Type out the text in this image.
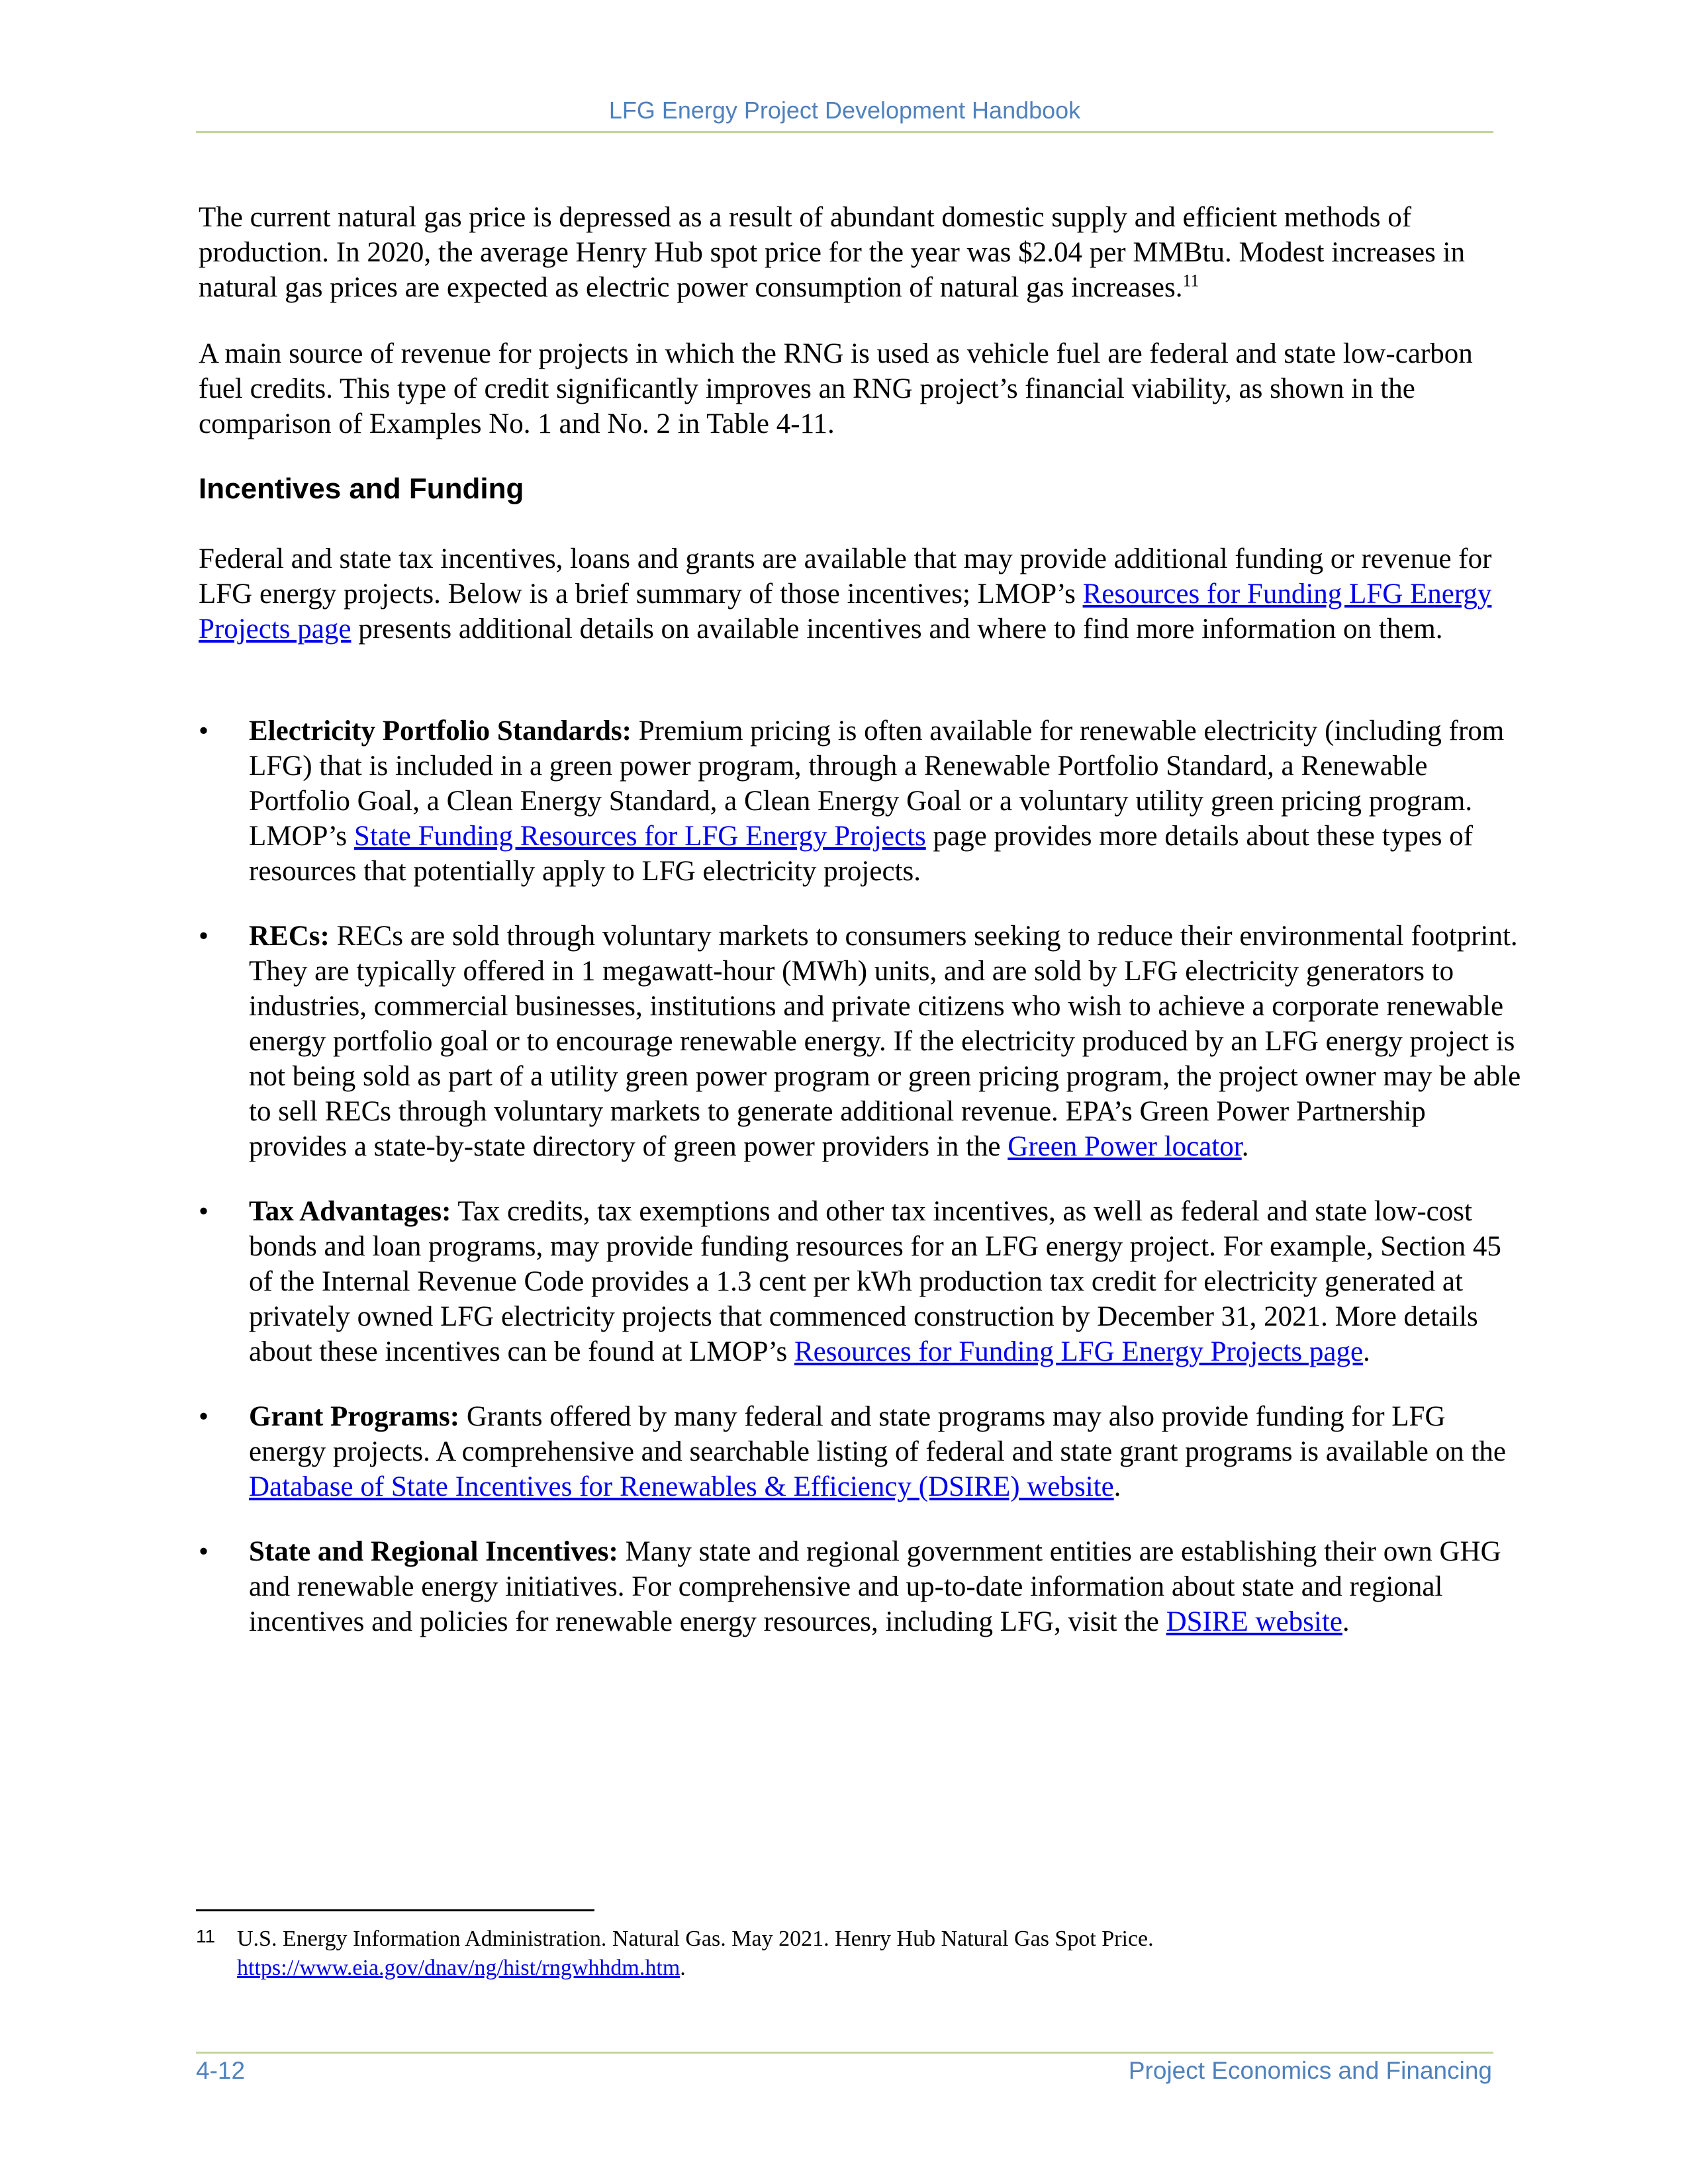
LFG Energy Project Development Handbook

The current natural gas price is depressed as a result of abundant domestic supply and efficient methods of production. In 2020, the average Henry Hub spot price for the year was $2.04 per MMBtu. Modest increases in natural gas prices are expected as electric power consumption of natural gas increases.$^{11}$

A main source of revenue for projects in which the RNG is used as vehicle fuel are federal and state low-carbon fuel credits. This type of credit significantly improves an RNG project’s financial viability, as shown in the comparison of Examples No. 1 and No. 2 in Table 4-11.

Incentives and Funding

Federal and state tax incentives, loans and grants are available that may provide additional funding or revenue for LFG energy projects. Below is a brief summary of those incentives; LMOP’s Resources for Funding LFG Energy Projects page presents additional details on available incentives and where to find more information on them.

•	Electricity Portfolio Standards: Premium pricing is often available for renewable electricity (including from LFG) that is included in a green power program, through a Renewable Portfolio Standard, a Renewable Portfolio Goal, a Clean Energy Standard, a Clean Energy Goal or a voluntary utility green pricing program. LMOP’s State Funding Resources for LFG Energy Projects page provides more details about these types of resources that potentially apply to LFG electricity projects.
•	RECs: RECs are sold through voluntary markets to consumers seeking to reduce their environmental footprint. They are typically offered in 1 megawatt-hour (MWh) units, and are sold by LFG electricity generators to industries, commercial businesses, institutions and private citizens who wish to achieve a corporate renewable energy portfolio goal or to encourage renewable energy. If the electricity produced by an LFG energy project is not being sold as part of a utility green power program or green pricing program, the project owner may be able to sell RECs through voluntary markets to generate additional revenue. EPA’s Green Power Partnership provides a state-by-state directory of green power providers in the Green Power locator.
•	Tax Advantages: Tax credits, tax exemptions and other tax incentives, as well as federal and state low-cost bonds and loan programs, may provide funding resources for an LFG energy project. For example, Section 45 of the Internal Revenue Code provides a 1.3 cent per kWh production tax credit for electricity generated at privately owned LFG electricity projects that commenced construction by December 31, 2021. More details about these incentives can be found at LMOP’s Resources for Funding LFG Energy Projects page.
•	Grant Programs: Grants offered by many federal and state programs may also provide funding for LFG energy projects. A comprehensive and searchable listing of federal and state grant programs is available on the Database of State Incentives for Renewables & Efficiency (DSIRE) website.
•	State and Regional Incentives: Many state and regional government entities are establishing their own GHG and renewable energy initiatives. For comprehensive and up-to-date information about state and regional incentives and policies for renewable energy resources, including LFG, visit the DSIRE website.
11 U.S. Energy Information Administration. Natural Gas. May 2021. Henry Hub Natural Gas Spot Price.
https://www.eia.gov/dnav/ng/hist/rngwhhdm.htm.
4-12	Project Economics and Financing
